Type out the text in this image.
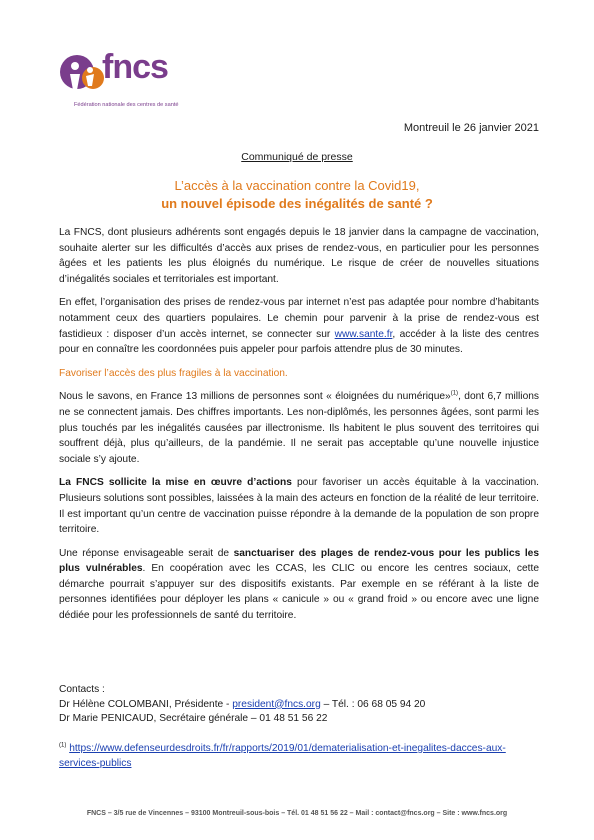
fncs
Fédération nationale des centres de santé
Montreuil le 26 janvier 2021
Communiqué de presse
L’accès à la vaccination contre la Covid19,
un nouvel épisode des inégalités de santé ?

La FNCS, dont plusieurs adhérents sont engagés depuis le 18 janvier dans la campagne de vaccination, souhaite alerter sur les difficultés d’accès aux prises de rendez-vous, en particulier pour les personnes âgées et les patients les plus éloignés du numérique. Le risque de créer de nouvelles situations d’inégalités sociales et territoriales est important.

En effet, l’organisation des prises de rendez-vous par internet n’est pas adaptée pour nombre d’habitants notamment ceux des quartiers populaires. Le chemin pour parvenir à la prise de rendez-vous est fastidieux : disposer d’un accès internet, se connecter sur www.sante.fr, accéder à la liste des centres pour en connaître les coordonnées puis appeler pour parfois attendre plus de 30 minutes.

Favoriser l’accès des plus fragiles à la vaccination.

Nous le savons, en France 13 millions de personnes sont « éloignées du numérique»$^{(1)}$, dont 6,7 millions ne se connectent jamais. Des chiffres importants. Les non-diplômés, les personnes âgées, sont parmi les plus touchés par les inégalités causées par illectronisme. Ils habitent le plus souvent des territoires qui souffrent déjà, plus qu’ailleurs, de la pandémie. Il ne serait pas acceptable qu’une nouvelle injustice sociale s’y ajoute.

La FNCS sollicite la mise en œuvre d’actions pour favoriser un accès équitable à la vaccination. Plusieurs solutions sont possibles, laissées à la main des acteurs en fonction de la réalité de leur territoire. Il est important qu’un centre de vaccination puisse répondre à la demande de la population de son propre territoire.

Une réponse envisageable serait de sanctuariser des plages de rendez-vous pour les publics les plus vulnérables. En coopération avec les CCAS, les CLIC ou encore les centres sociaux, cette démarche pourrait s’appuyer sur des dispositifs existants. Par exemple en se référant à la liste de personnes identifiées pour déployer les plans « canicule » ou « grand froid » ou encore avec une ligne dédiée pour les professionnels de santé du territoire.

Contacts :
Dr Hélène COLOMBANI, Présidente - president@fncs.org – Tél. : 06 68 05 94 20
Dr Marie PENICAUD, Secrétaire générale – 01 48 51 56 22
$^{(1)}$ https://www.defenseurdesdroits.fr/fr/rapports/2019/01/dematerialisation-et-inegalites-dacces-aux-services-publics
FNCS – 3/5 rue de Vincennes – 93100 Montreuil-sous-bois – Tél. 01 48 51 56 22 – Mail : contact@fncs.org – Site : www.fncs.org
